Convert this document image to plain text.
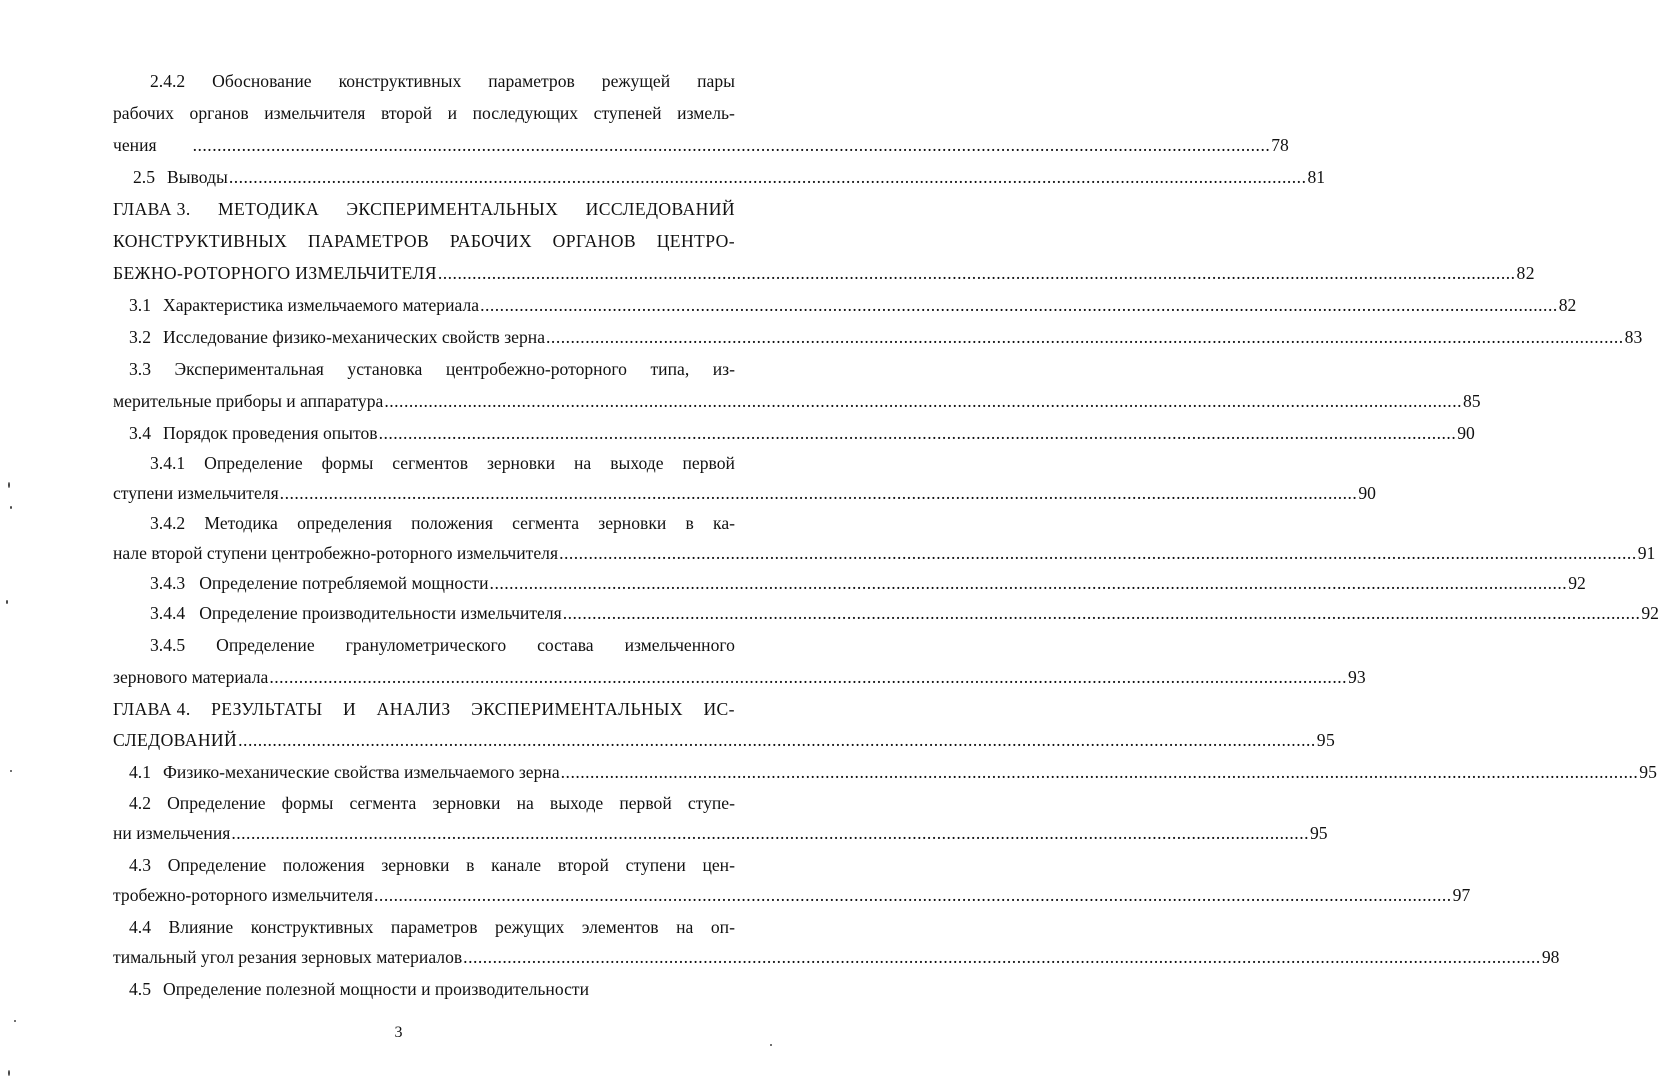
2.4.2 Обоснование конструктивных параметров режущей пары
рабочих органов измельчителя второй и последующих ступеней измель-
чения ............................................................................................................................................................................................................................ 78
2.5 Выводы ............................................................................................................................................................................................................................ 81
ГЛАВА 3. МЕТОДИКА ЭКСПЕРИМЕНТАЛЬНЫХ ИССЛЕДОВАНИЙ
КОНСТРУКТИВНЫХ ПАРАМЕТРОВ РАБОЧИХ ОРГАНОВ ЦЕНТРО-
БЕЖНО-РОТОРНОГО ИЗМЕЛЬЧИТЕЛЯ ............................................................................................................................................................................................................................ 82
3.1 Характеристика измельчаемого материала ............................................................................................................................................................................................................................ 82
3.2 Исследование физико-механических свойств зерна ............................................................................................................................................................................................................................ 83
3.3 Экспериментальная установка центробежно-роторного типа, из-
мерительные приборы и аппаратура ............................................................................................................................................................................................................................ 85
3.4 Порядок проведения опытов ............................................................................................................................................................................................................................ 90
3.4.1 Определение формы сегментов зерновки на выходе первой
ступени измельчителя ............................................................................................................................................................................................................................ 90
3.4.2 Методика определения положения сегмента зерновки в ка-
нале второй ступени центробежно-роторного измельчителя ............................................................................................................................................................................................................................ 91
3.4.3 Определение потребляемой мощности ............................................................................................................................................................................................................................ 92
3.4.4 Определение производительности измельчителя ............................................................................................................................................................................................................................ 92
3.4.5 Определение гранулометрического состава измельченного
зернового материала ............................................................................................................................................................................................................................ 93
ГЛАВА 4. РЕЗУЛЬТАТЫ И АНАЛИЗ ЭКСПЕРИМЕНТАЛЬНЫХ ИС-
СЛЕДОВАНИЙ ............................................................................................................................................................................................................................ 95
4.1 Физико-механические свойства измельчаемого зерна ............................................................................................................................................................................................................................ 95
4.2 Определение формы сегмента зерновки на выходе первой ступе-
ни измельчения ............................................................................................................................................................................................................................ 95
4.3 Определение положения зерновки в канале второй ступени цен-
тробежно-роторного измельчителя ............................................................................................................................................................................................................................ 97
4.4 Влияние конструктивных параметров режущих элементов на оп-
тимальный угол резания зерновых материалов ............................................................................................................................................................................................................................ 98
4.5 Определение полезной мощности и производительности
3
